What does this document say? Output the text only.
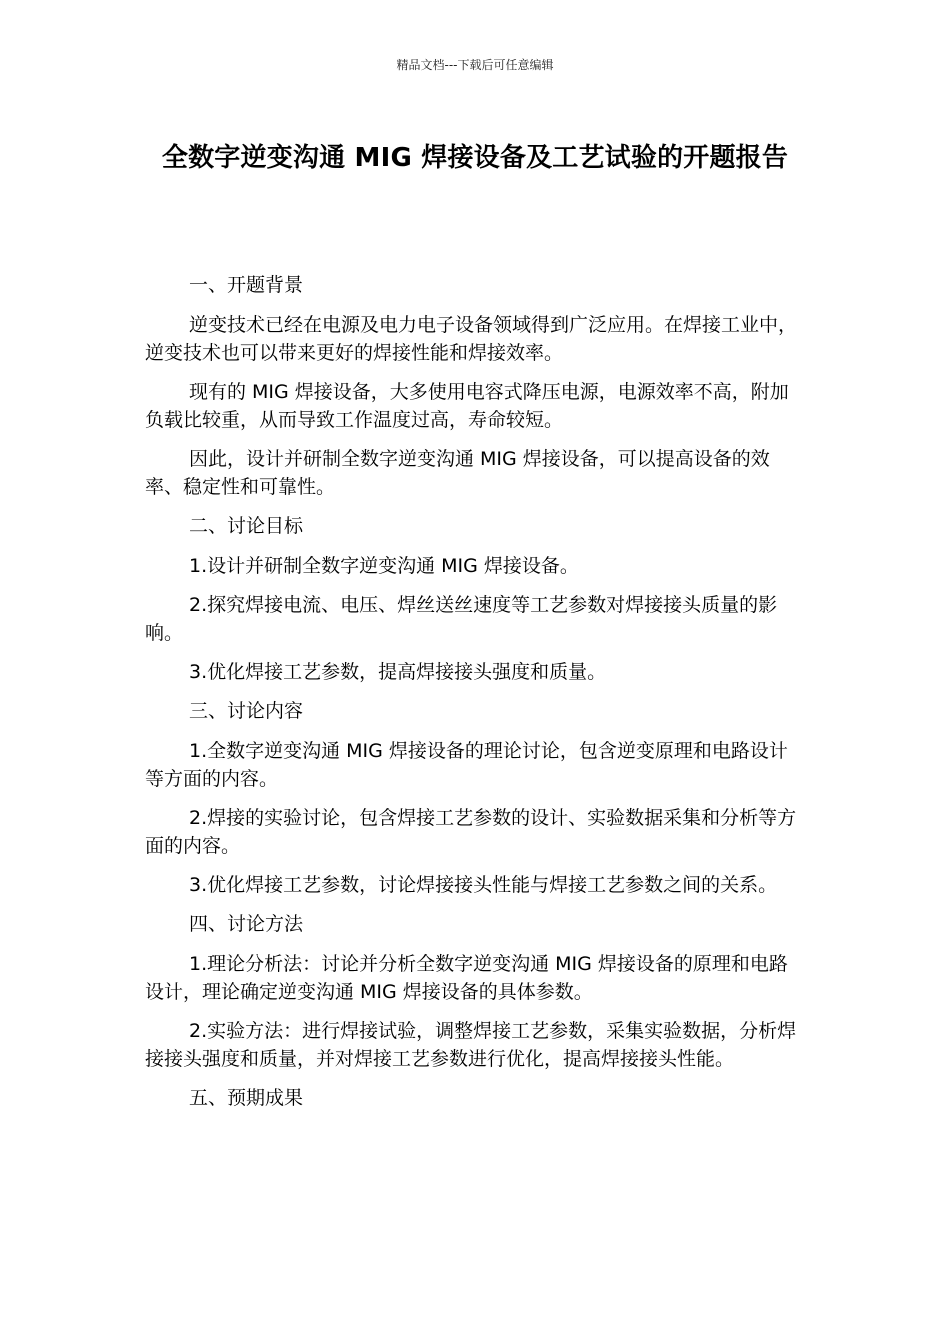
精品文档---下载后可任意编辑
全数字逆变沟通 MIG 焊接设备及工艺试验的开题报告

一、开题背景

逆变技术已经在电源及电力电子设备领域得到广泛应用。在焊接工业中，逆变技术也可以带来更好的焊接性能和焊接效率。

现有的 MIG 焊接设备，大多使用电容式降压电源，电源效率不高，附加负载比较重，从而导致工作温度过高，寿命较短。

因此，设计并研制全数字逆变沟通 MIG 焊接设备，可以提高设备的效率、稳定性和可靠性。

二、讨论目标

1.设计并研制全数字逆变沟通 MIG 焊接设备。

2.探究焊接电流、电压、焊丝送丝速度等工艺参数对焊接接头质量的影响。

3.优化焊接工艺参数，提高焊接接头强度和质量。

三、讨论内容

1.全数字逆变沟通 MIG 焊接设备的理论讨论，包含逆变原理和电路设计等方面的内容。

2.焊接的实验讨论，包含焊接工艺参数的设计、实验数据采集和分析等方面的内容。

3.优化焊接工艺参数，讨论焊接接头性能与焊接工艺参数之间的关系。

四、讨论方法

1.理论分析法：讨论并分析全数字逆变沟通 MIG 焊接设备的原理和电路设计，理论确定逆变沟通 MIG 焊接设备的具体参数。

2.实验方法：进行焊接试验，调整焊接工艺参数，采集实验数据，分析焊接接头强度和质量，并对焊接工艺参数进行优化，提高焊接接头性能。

五、预期成果
